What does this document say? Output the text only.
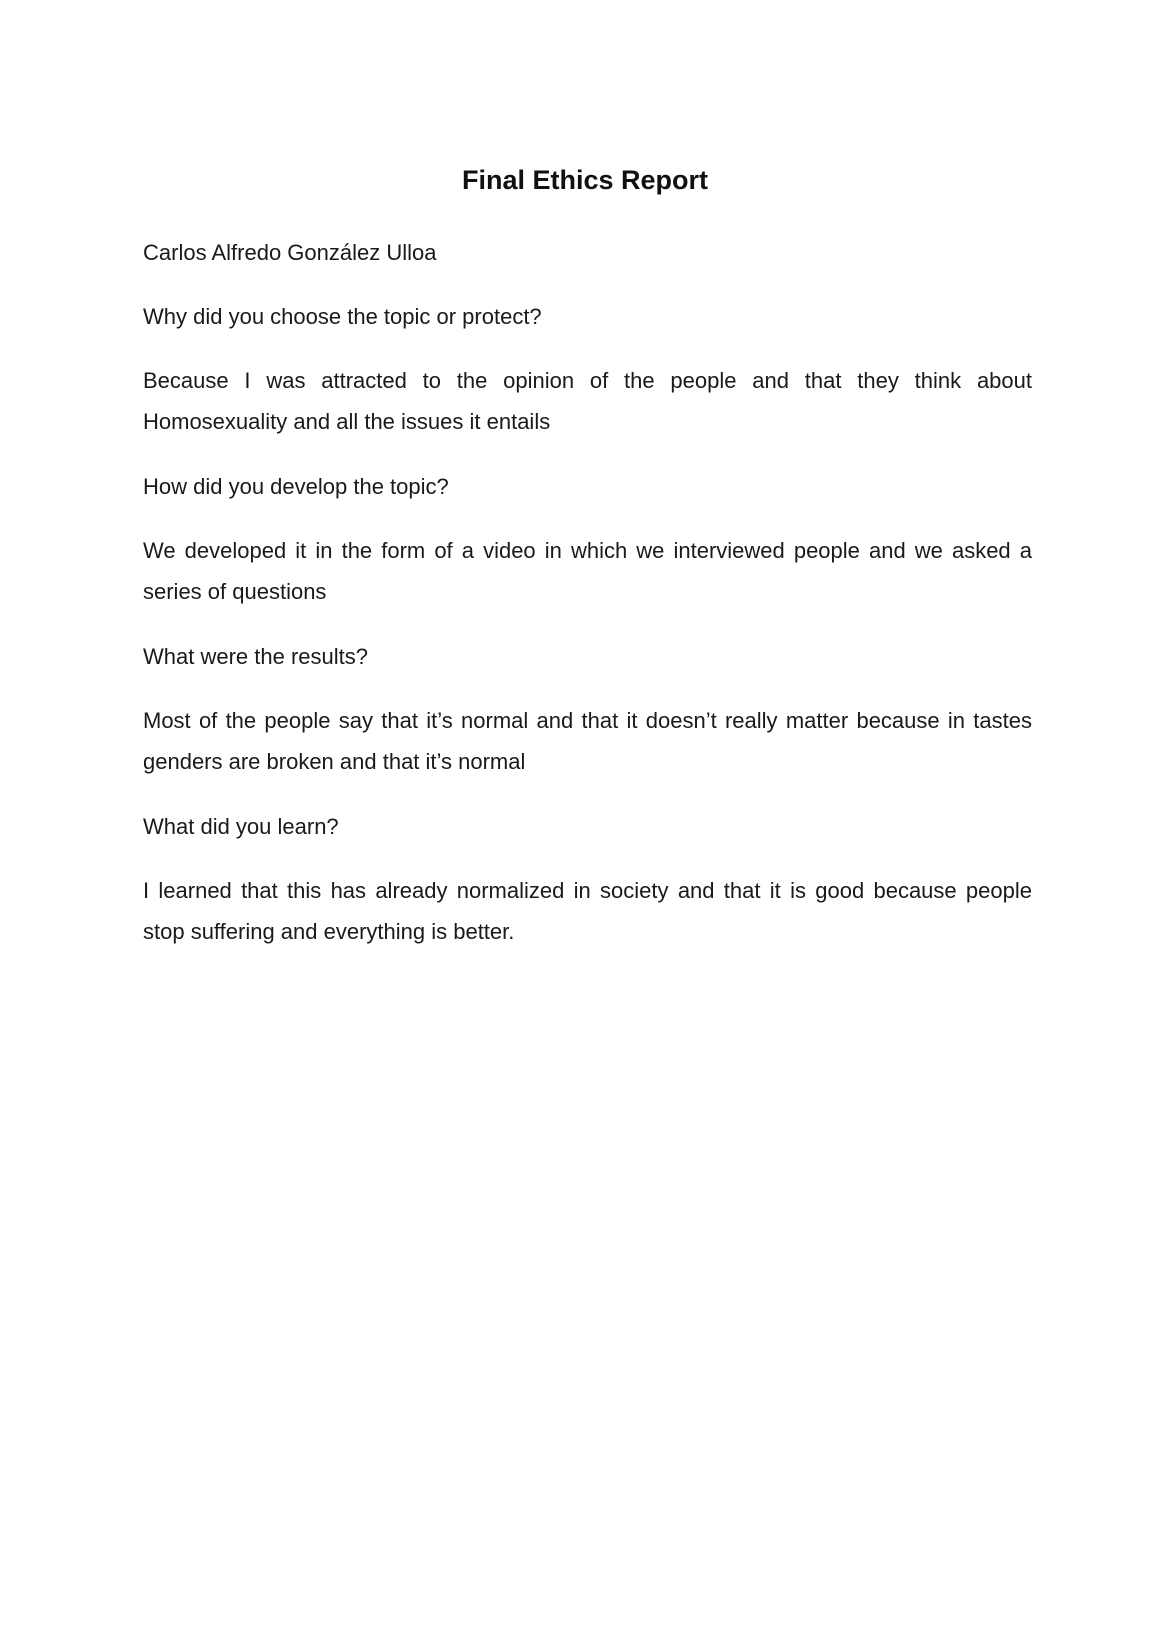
Final Ethics Report

Carlos Alfredo González Ulloa

Why did you choose the topic or protect?

Because I was attracted to the opinion of the people and that they think about Homosexuality and all the issues it entails

How did you develop the topic?

We developed it in the form of a video in which we interviewed people and we asked a series of questions

What were the results?

Most of the people say that it’s normal and that it doesn’t really matter because in tastes genders are broken and that it’s normal

What did you learn?

I learned that this has already normalized in society and that it is good because people stop suffering and everything is better.
